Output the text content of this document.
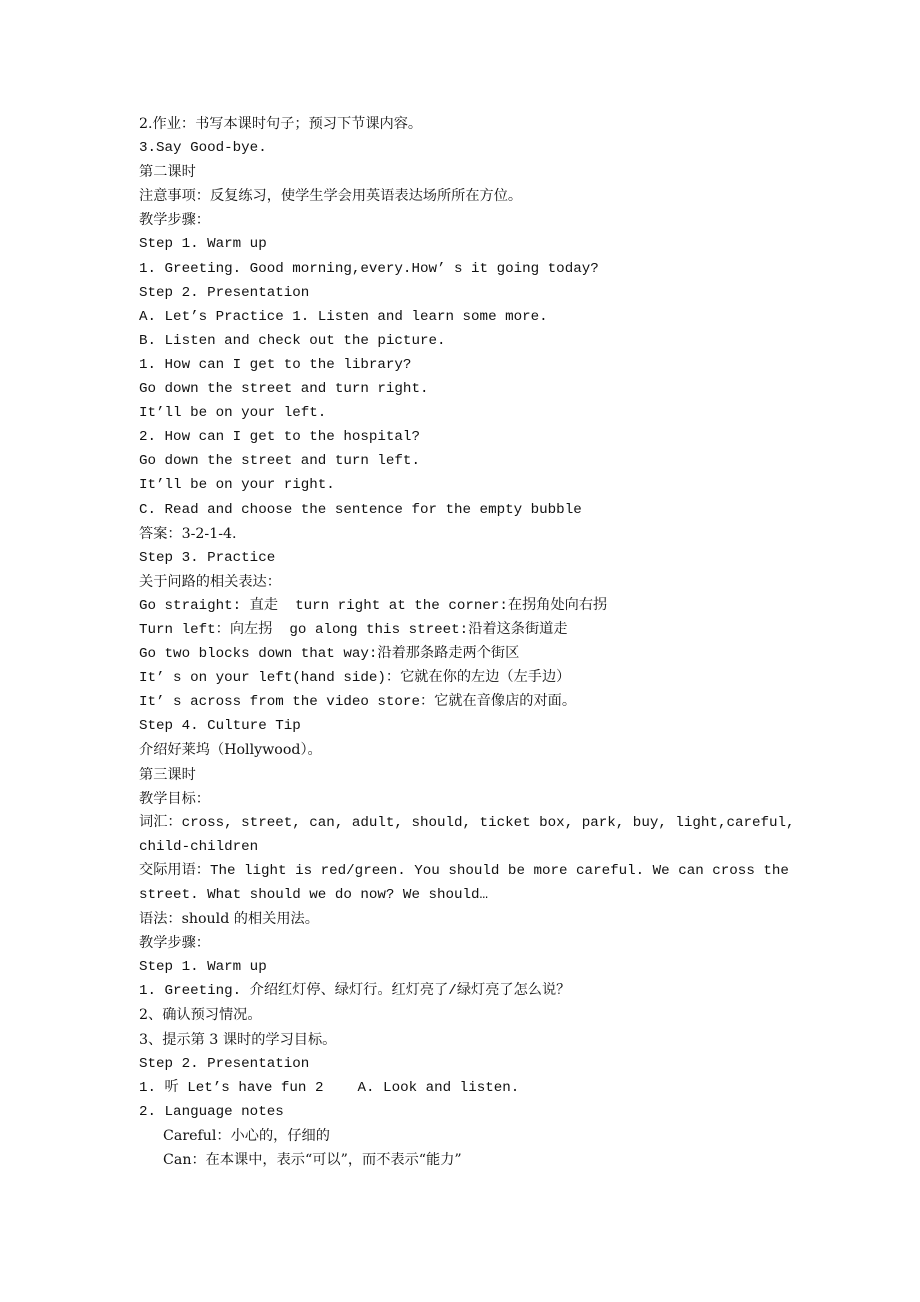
2.作业：书写本课时句子；预习下节课内容。
3.Say Good-bye.
第二课时
注意事项：反复练习，使学生学会用英语表达场所所在方位。
教学步骤：
Step 1. Warm up
1. Greeting. Good morning,every.How’ s it going today?
Step 2. Presentation
A. Let’s Practice 1. Listen and learn some more.
B. Listen and check out the picture.
1. How can I get to the library?
Go down the street and turn right.
It’ll be on your left.
2. How can I get to the hospital?
Go down the street and turn left.
It’ll be on your right.
C. Read and choose the sentence for the empty bubble
答案：3-2-1-4.
Step 3. Practice
关于问路的相关表达：
Go straight: 直走  turn right at the corner:在拐角处向右拐
Turn left：向左拐  go along this street:沿着这条街道走
Go two blocks down that way:沿着那条路走两个街区
It’ s on your left(hand side)：它就在你的左边（左手边）
It’ s across from the video store：它就在音像店的对面。
Step 4. Culture Tip
介绍好莱坞（Hollywood）。
第三课时
教学目标：
词汇：cross, street, can, adult, should, ticket box, park, buy, light,careful,
child-children
交际用语：The light is red/green. You should be more careful. We can cross the
street. What should we do now? We should…
语法：should 的相关用法。
教学步骤：
Step 1. Warm up
1. Greeting. 介绍红灯停、绿灯行。红灯亮了/绿灯亮了怎么说？
2、确认预习情况。
3、提示第 3 课时的学习目标。
Step 2. Presentation
1. 听 Let’s have fun 2    A. Look and listen.
2. Language notes
Careful：小心的，仔细的
Can：在本课中，表示“可以”，而不表示“能力”
